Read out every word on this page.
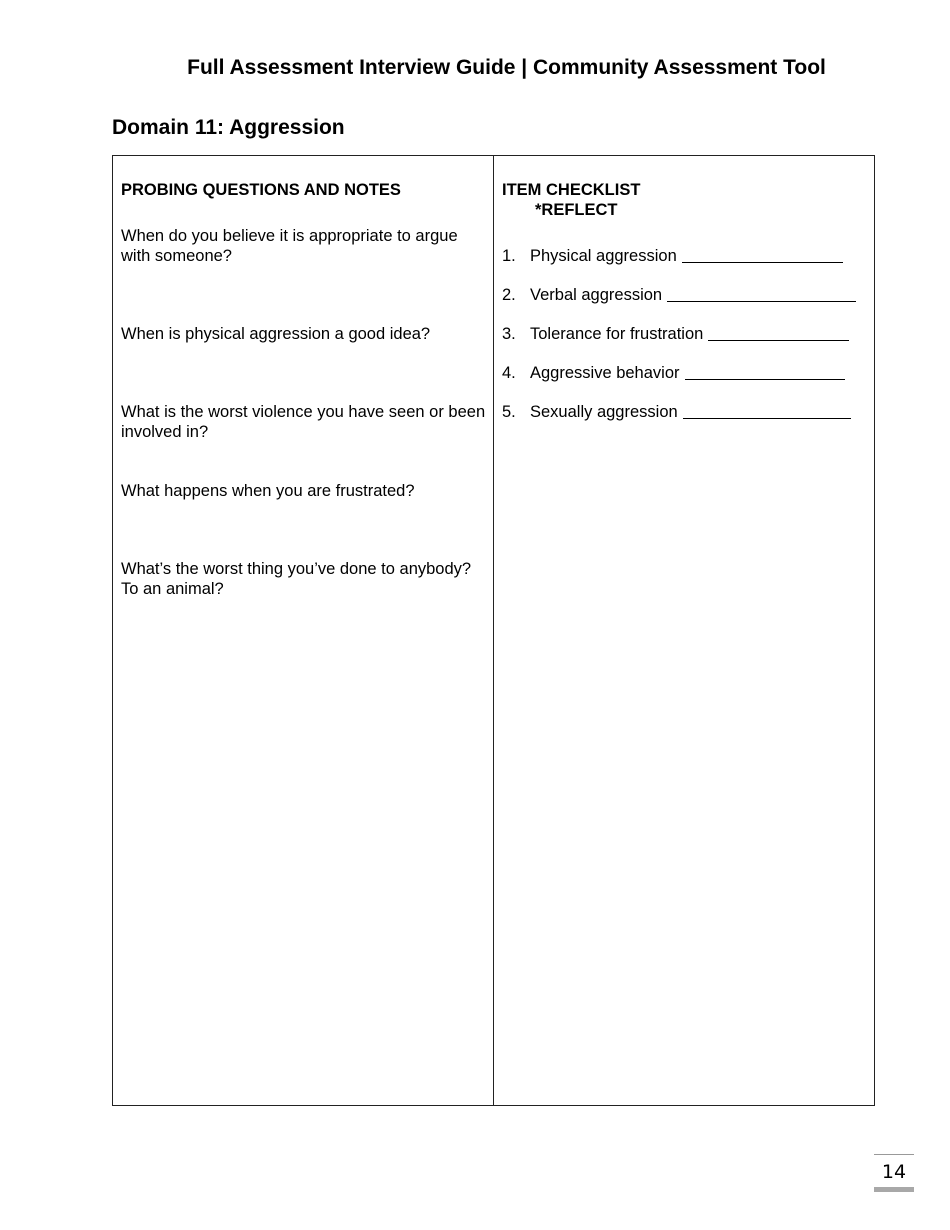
Full Assessment Interview Guide | Community Assessment Tool
Domain 11: Aggression

PROBING QUESTIONS AND NOTES

When do you believe it is appropriate to argue with someone?
When is physical aggression a good idea?
What is the worst violence you have seen or been involved in?
What happens when you are frustrated?
What’s the worst thing you’ve done to anybody? To an animal?

ITEM CHECKLIST

*REFLECT

1. Physical aggression
2. Verbal aggression
3. Tolerance for frustration
4. Aggressive behavior
5. Sexually aggression
14
